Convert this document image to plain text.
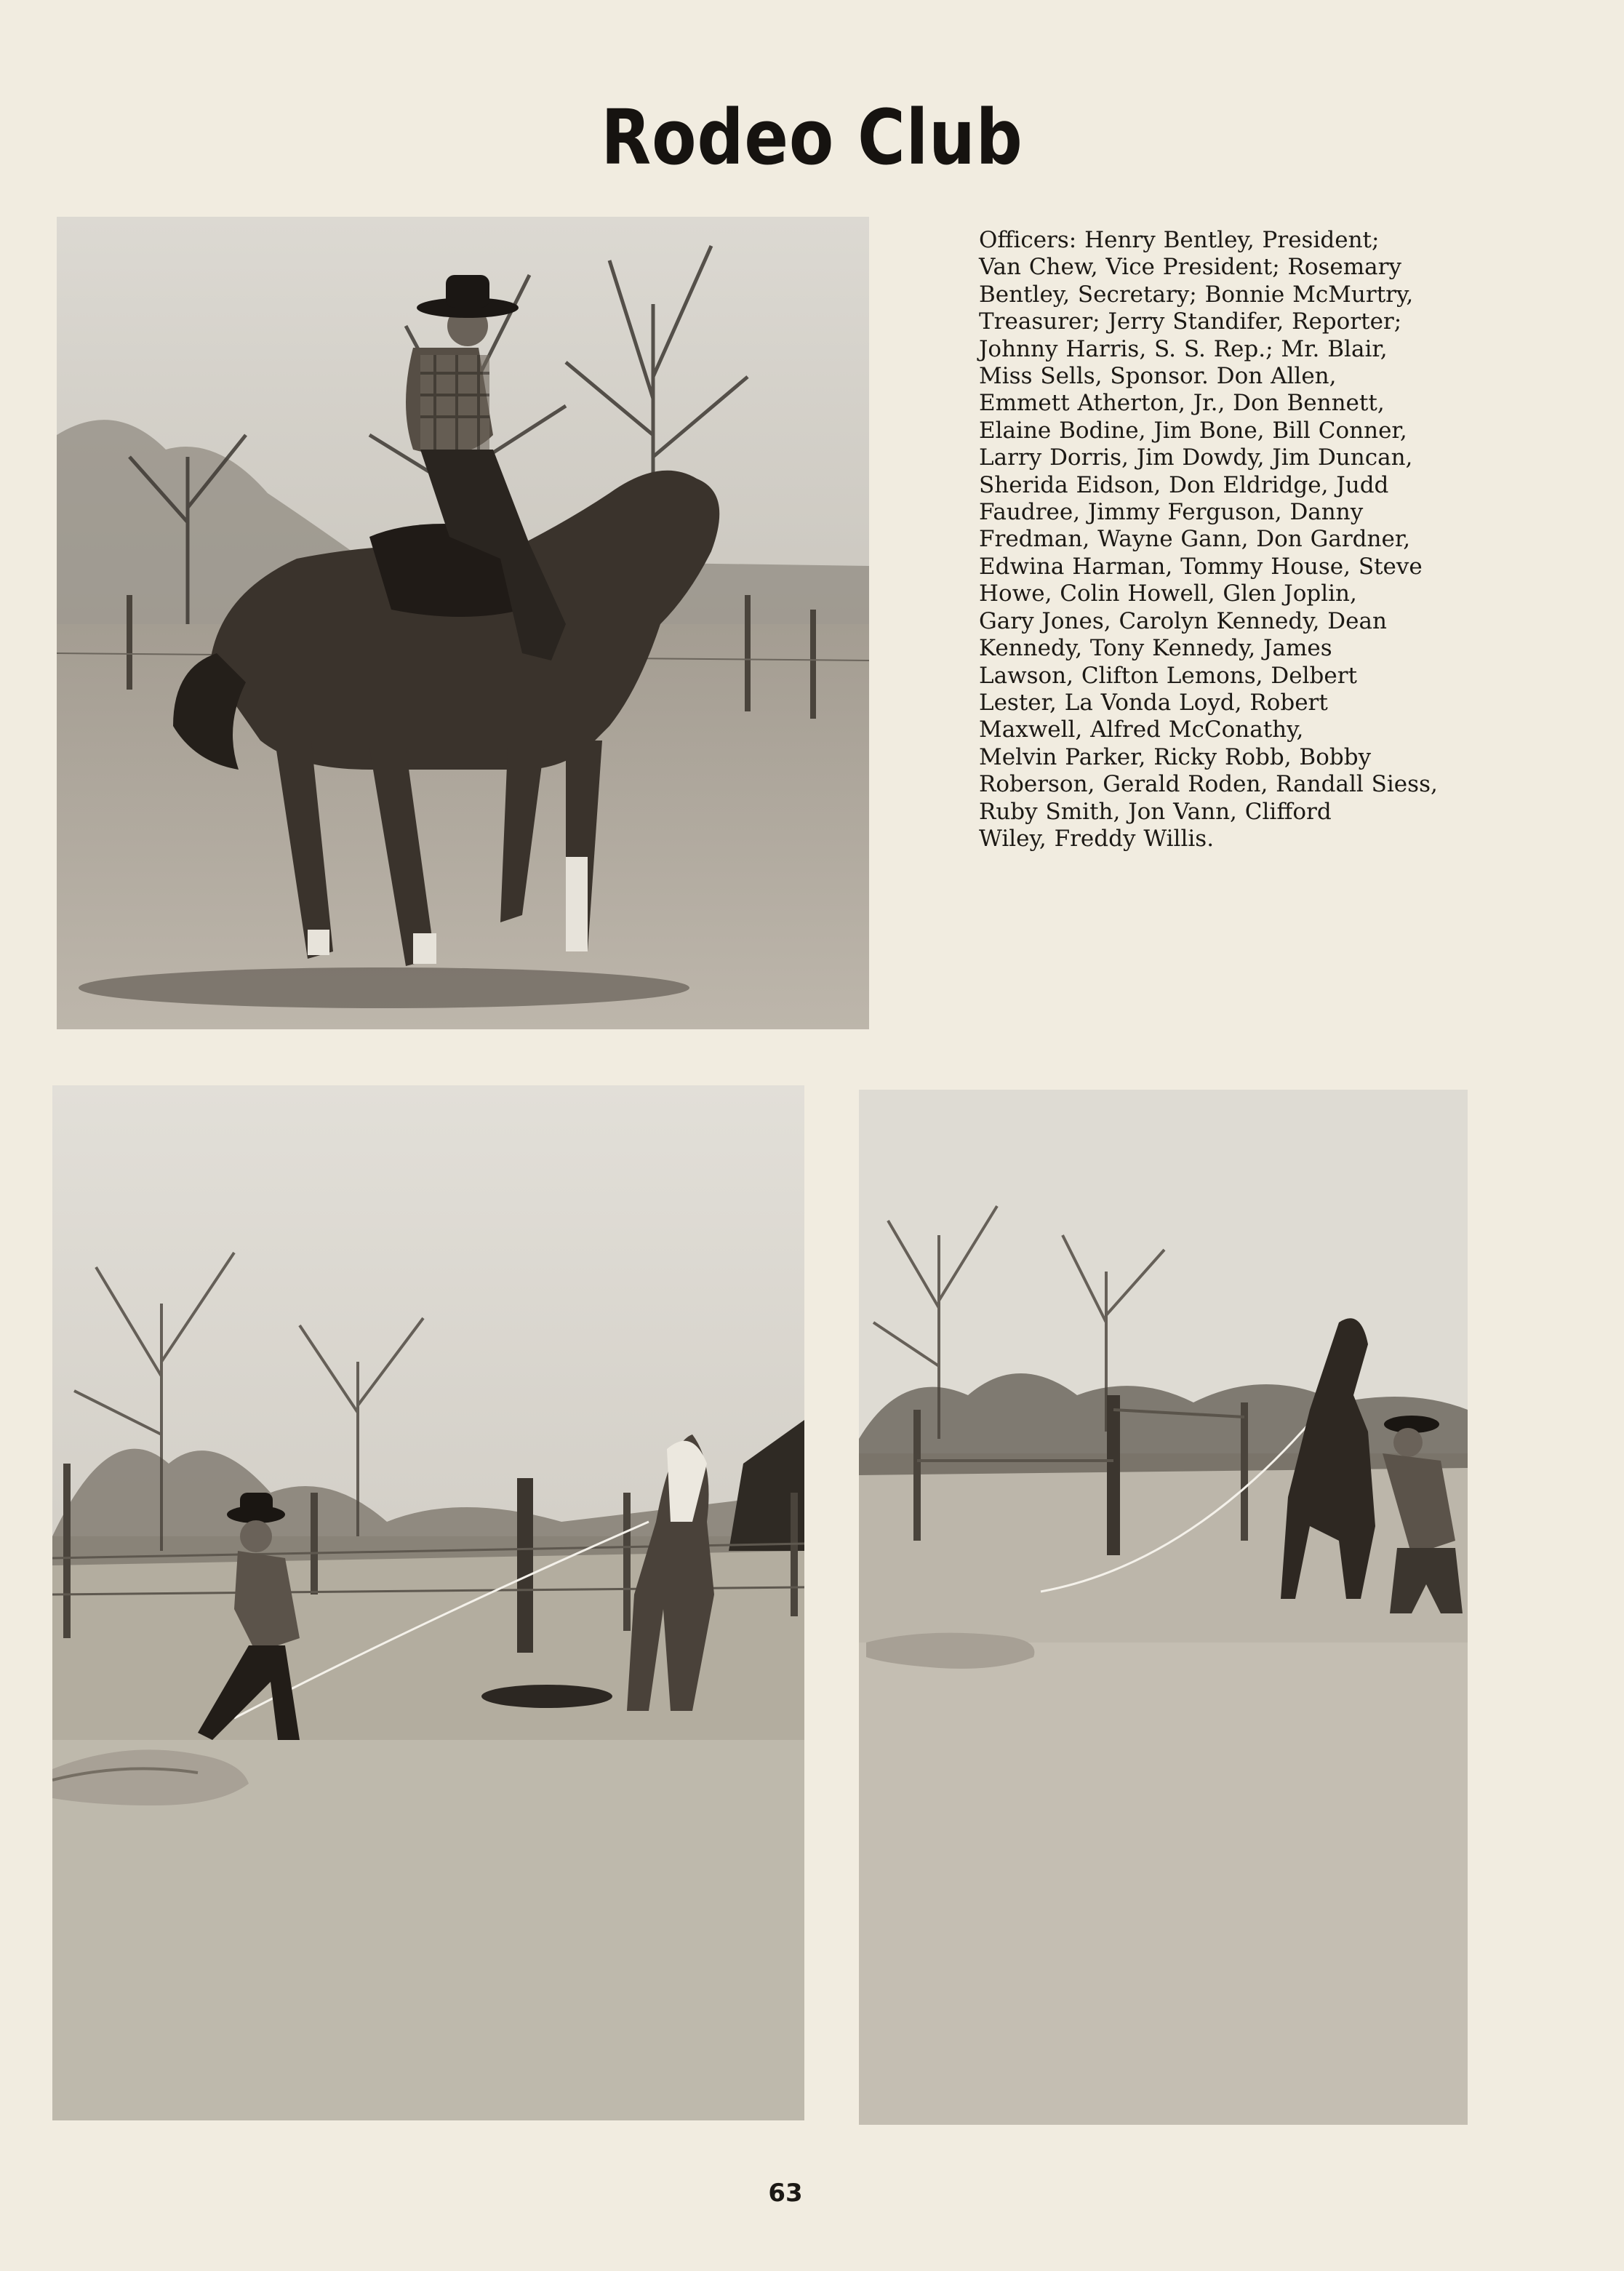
Rodeo Club
Officers: Henry Bentley, President;
Van Chew, Vice President; Rosemary
Bentley, Secretary; Bonnie McMurtry,
Treasurer; Jerry Standifer, Reporter;
Johnny Harris, S. S. Rep.; Mr. Blair,
Miss Sells, Sponsor. Don Allen,
Emmett Atherton, Jr., Don Bennett,
Elaine Bodine, Jim Bone, Bill Conner,
Larry Dorris, Jim Dowdy, Jim Duncan,
Sherida Eidson, Don Eldridge, Judd
Faudree, Jimmy Ferguson, Danny
Fredman, Wayne Gann, Don Gardner,
Edwina Harman, Tommy House, Steve
Howe, Colin Howell, Glen Joplin,
Gary Jones, Carolyn Kennedy, Dean
Kennedy, Tony Kennedy, James
Lawson, Clifton Lemons, Delbert
Lester, La Vonda Loyd, Robert
Maxwell, Alfred McConathy,
Melvin Parker, Ricky Robb, Bobby
Roberson, Gerald Roden, Randall Siess,
Ruby Smith, Jon Vann, Clifford
Wiley, Freddy Willis.
63
